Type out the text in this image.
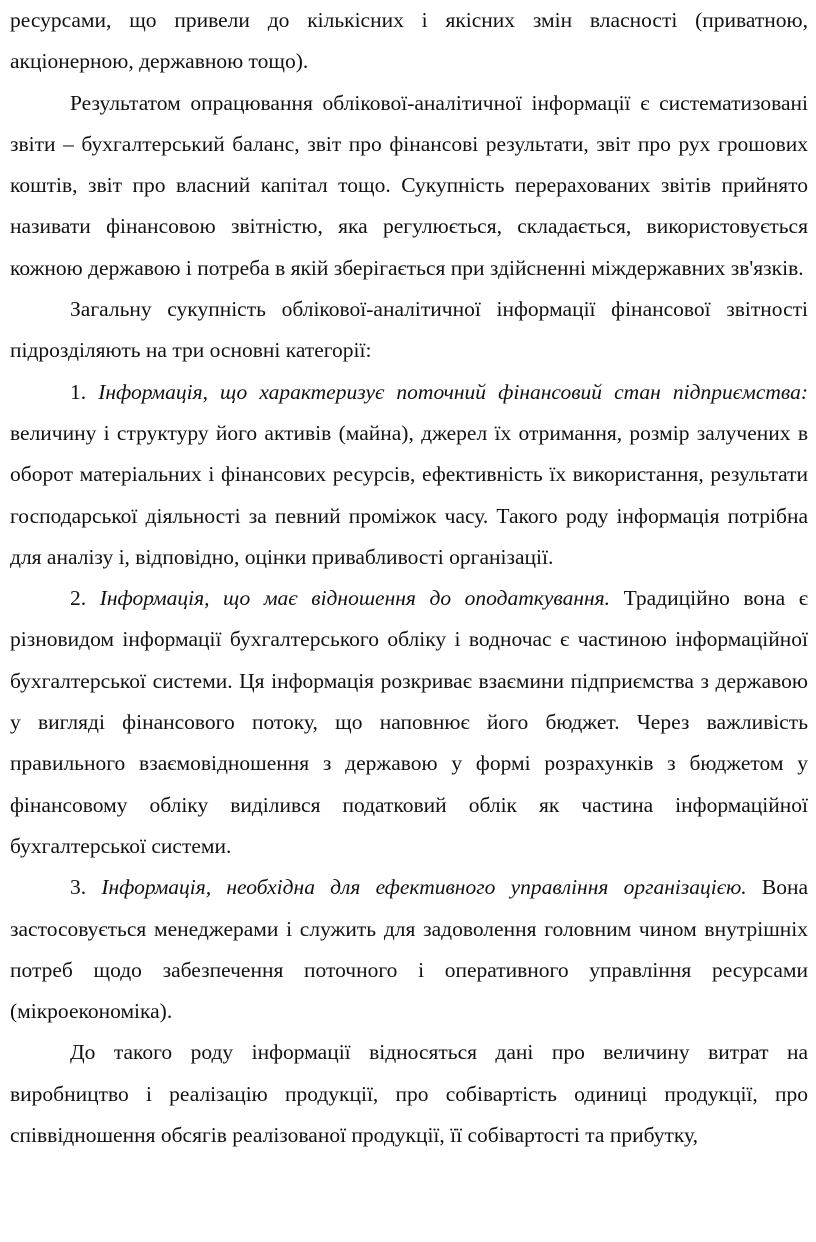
ресурсами, що привели до кількісних і якісних змін власності (приватною, акціонерною, державною тощо).

Результатом опрацювання облікової-аналітичної інформації є систематизовані звіти – бухгалтерський баланс, звіт про фінансові результати, звіт про рух грошових коштів, звіт про власний капітал тощо. Сукупність перерахованих звітів прийнято називати фінансовою звітністю, яка регулюється, складається, використовується кожною державою і потреба в якій зберігається при здійсненні міждержавних зв'язків.

Загальну сукупність облікової-аналітичної інформації фінансової звітності підрозділяють на три основні категорії:

1. Інформація, що характеризує поточний фінансовий стан підприємства: величину і структуру його активів (майна), джерел їх отримання, розмір залучених в оборот матеріальних і фінансових ресурсів, ефективність їх використання, результати господарської діяльності за певний проміжок часу. Такого роду інформація потрібна для аналізу і, відповідно, оцінки привабливості організації.

2. Інформація, що має відношення до оподаткування. Традиційно вона є різновидом інформації бухгалтерського обліку і водночас є частиною інформаційної бухгалтерської системи. Ця інформація розкриває взаємини підприємства з державою у вигляді фінансового потоку, що наповнює його бюджет. Через важливість правильного взаємовідношення з державою у формі розрахунків з бюджетом у фінансовому обліку виділився податковий облік як частина інформаційної бухгалтерської системи.

3. Інформація, необхідна для ефективного управління організацією. Вона застосовується менеджерами і служить для задоволення головним чином внутрішніх потреб щодо забезпечення поточного і оперативного управління ресурсами (мікроекономіка).

До такого роду інформації відносяться дані про величину витрат на виробництво і реалізацію продукції, про собівартість одиниці продукції, про співвідношення обсягів реалізованої продукції, її собівартості та прибутку,
